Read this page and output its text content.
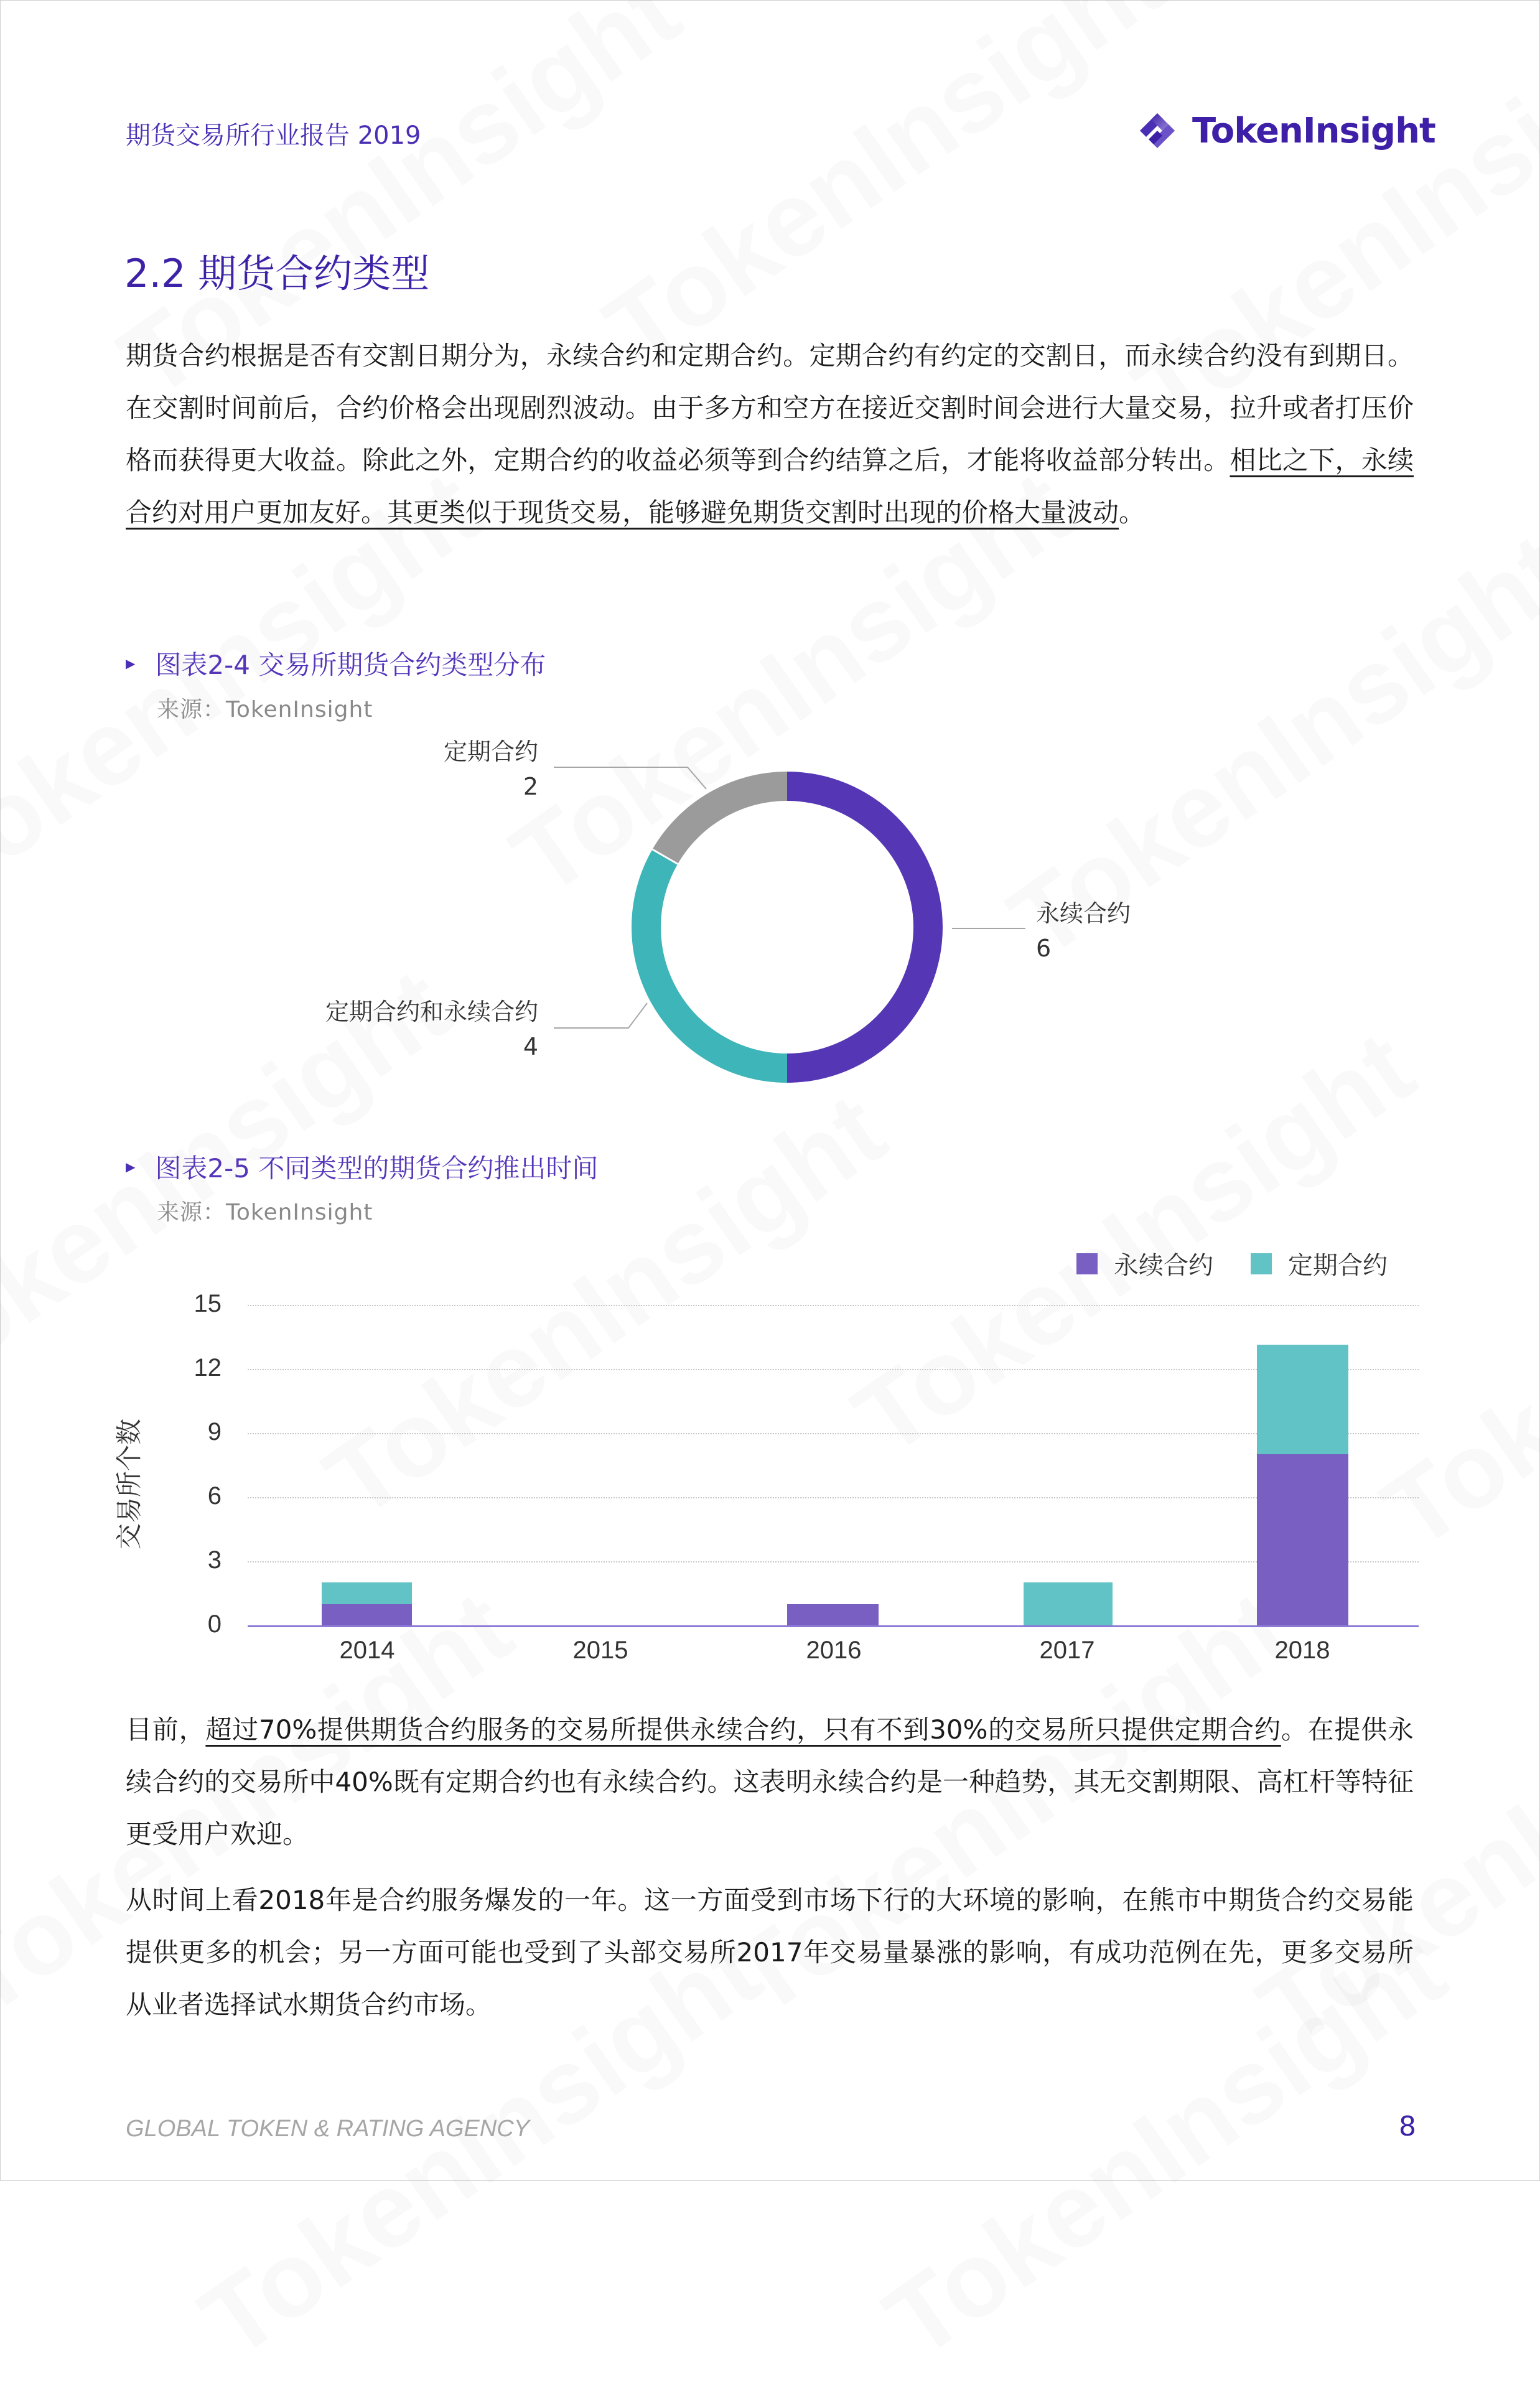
期货交易所行业报告 2019	TokenInsight
2.2 期货合约类型
期货合约根据是否有交割日期分为，永续合约和定期合约。定期合约有约定的交割日，而永续合约没有到期日。在交割时间前后，合约价格会出现剧烈波动。由于多方和空方在接近交割时间会进行大量交易，拉升或者打压价格而获得更大收益。除此之外，定期合约的收益必须等到合约结算之后，才能将收益部分转出。相比之下，永续合约对用户更加友好。其更类似于现货交易，能够避免期货交割时出现的价格大量波动。
▶ 图表2-4 交易所期货合约类型分布
来源：TokenInsight
定期合约
2
永续合约
6
定期合约和永续合约
4
▶ 图表2-5 不同类型的期货合约推出时间
来源：TokenInsight
永续合约	定期合约
交易所个数
15
12
9
6
3
0
2014	2015	2016	2017	2018
目前，超过70%提供期货合约服务的交易所提供永续合约，只有不到30%的交易所只提供定期合约。在提供永续合约的交易所中40%既有定期合约也有永续合约。这表明永续合约是一种趋势，其无交割期限、高杠杆等特征更受用户欢迎。
从时间上看2018年是合约服务爆发的一年。这一方面受到市场下行的大环境的影响，在熊市中期货合约交易能提供更多的机会；另一方面可能也受到了头部交易所2017年交易量暴涨的影响，有成功范例在先，更多交易所从业者选择试水期货合约市场。
GLOBAL TOKEN & RATING AGENCY	8
